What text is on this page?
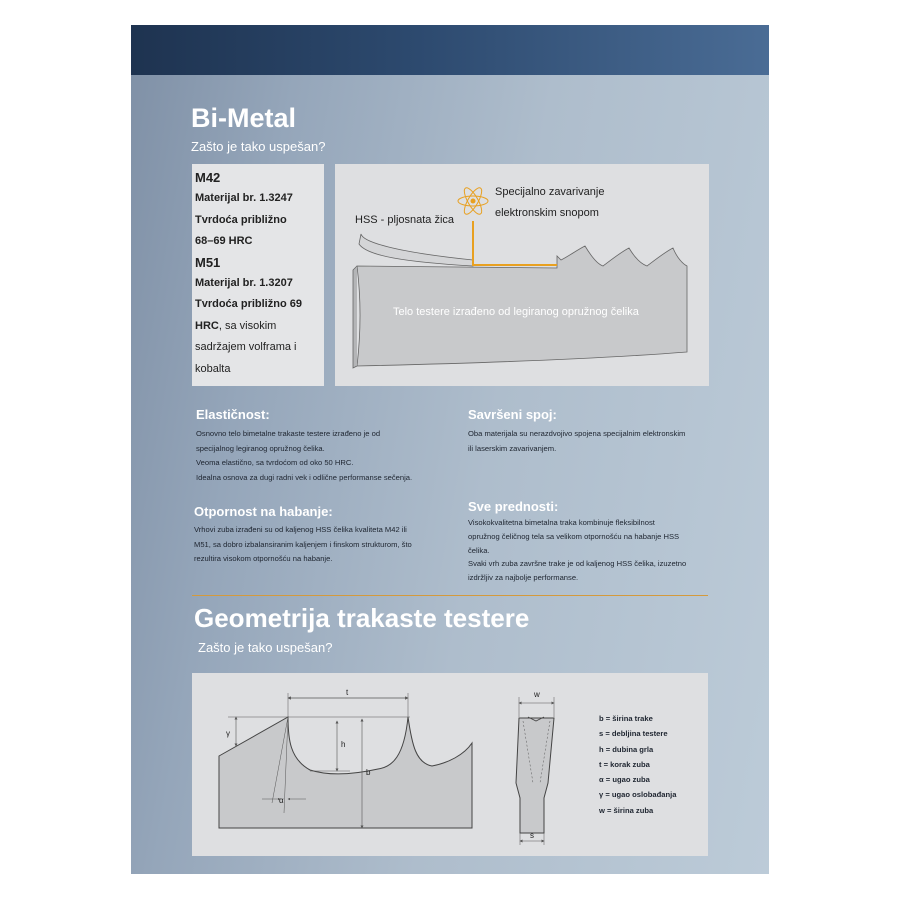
Bi-Metal
Zašto je tako uspešan?
M42
Materijal br. 1.3247
Tvrdoća približno
68–69 HRC
M51
Materijal br. 1.3207
Tvrdoća približno 69
HRC, sa visokim
sadržajem volframa i
kobalta
Specijalno zavarivanje
elektronskim snopom
HSS - pljosnata žica
Telo testere izrađeno od legiranog opružnog čelika
Elastičnost:
Osnovno telo bimetalne trakaste testere izrađeno je od
specijalnog legiranog opružnog čelika.
Veoma elastično, sa tvrdoćom od oko 50 HRC.
Idealna osnova za dugi radni vek i odlične performanse sečenja.
Savršeni spoj:
Oba materijala su nerazdvojivo spojena specijalnim elektronskim
ili laserskim zavarivanjem.
Otpornost na habanje:
Vrhovi zuba izrađeni su od kaljenog HSS čelika kvaliteta M42 ili
M51, sa dobro izbalansiranim kaljenjem i finskom strukturom, što
rezultira visokom otpornošću na habanje.
Sve prednosti:
Visokokvalitetna bimetalna traka kombinuje fleksibilnost
opružnog čeličnog tela sa velikom otpornošću na habanje HSS
čelika.
Svaki vrh zuba završne trake je od kaljenog HSS čelika, izuzetno
izdržljiv za najbolje performanse.
Geometrija trakaste testere
Zašto je tako uspešan?
t
γ
h
b
α
w
s
b = širina trake
s = debljina testere
h = dubina grla
t = korak zuba
α = ugao zuba
γ = ugao oslobađanja
w = širina zuba
